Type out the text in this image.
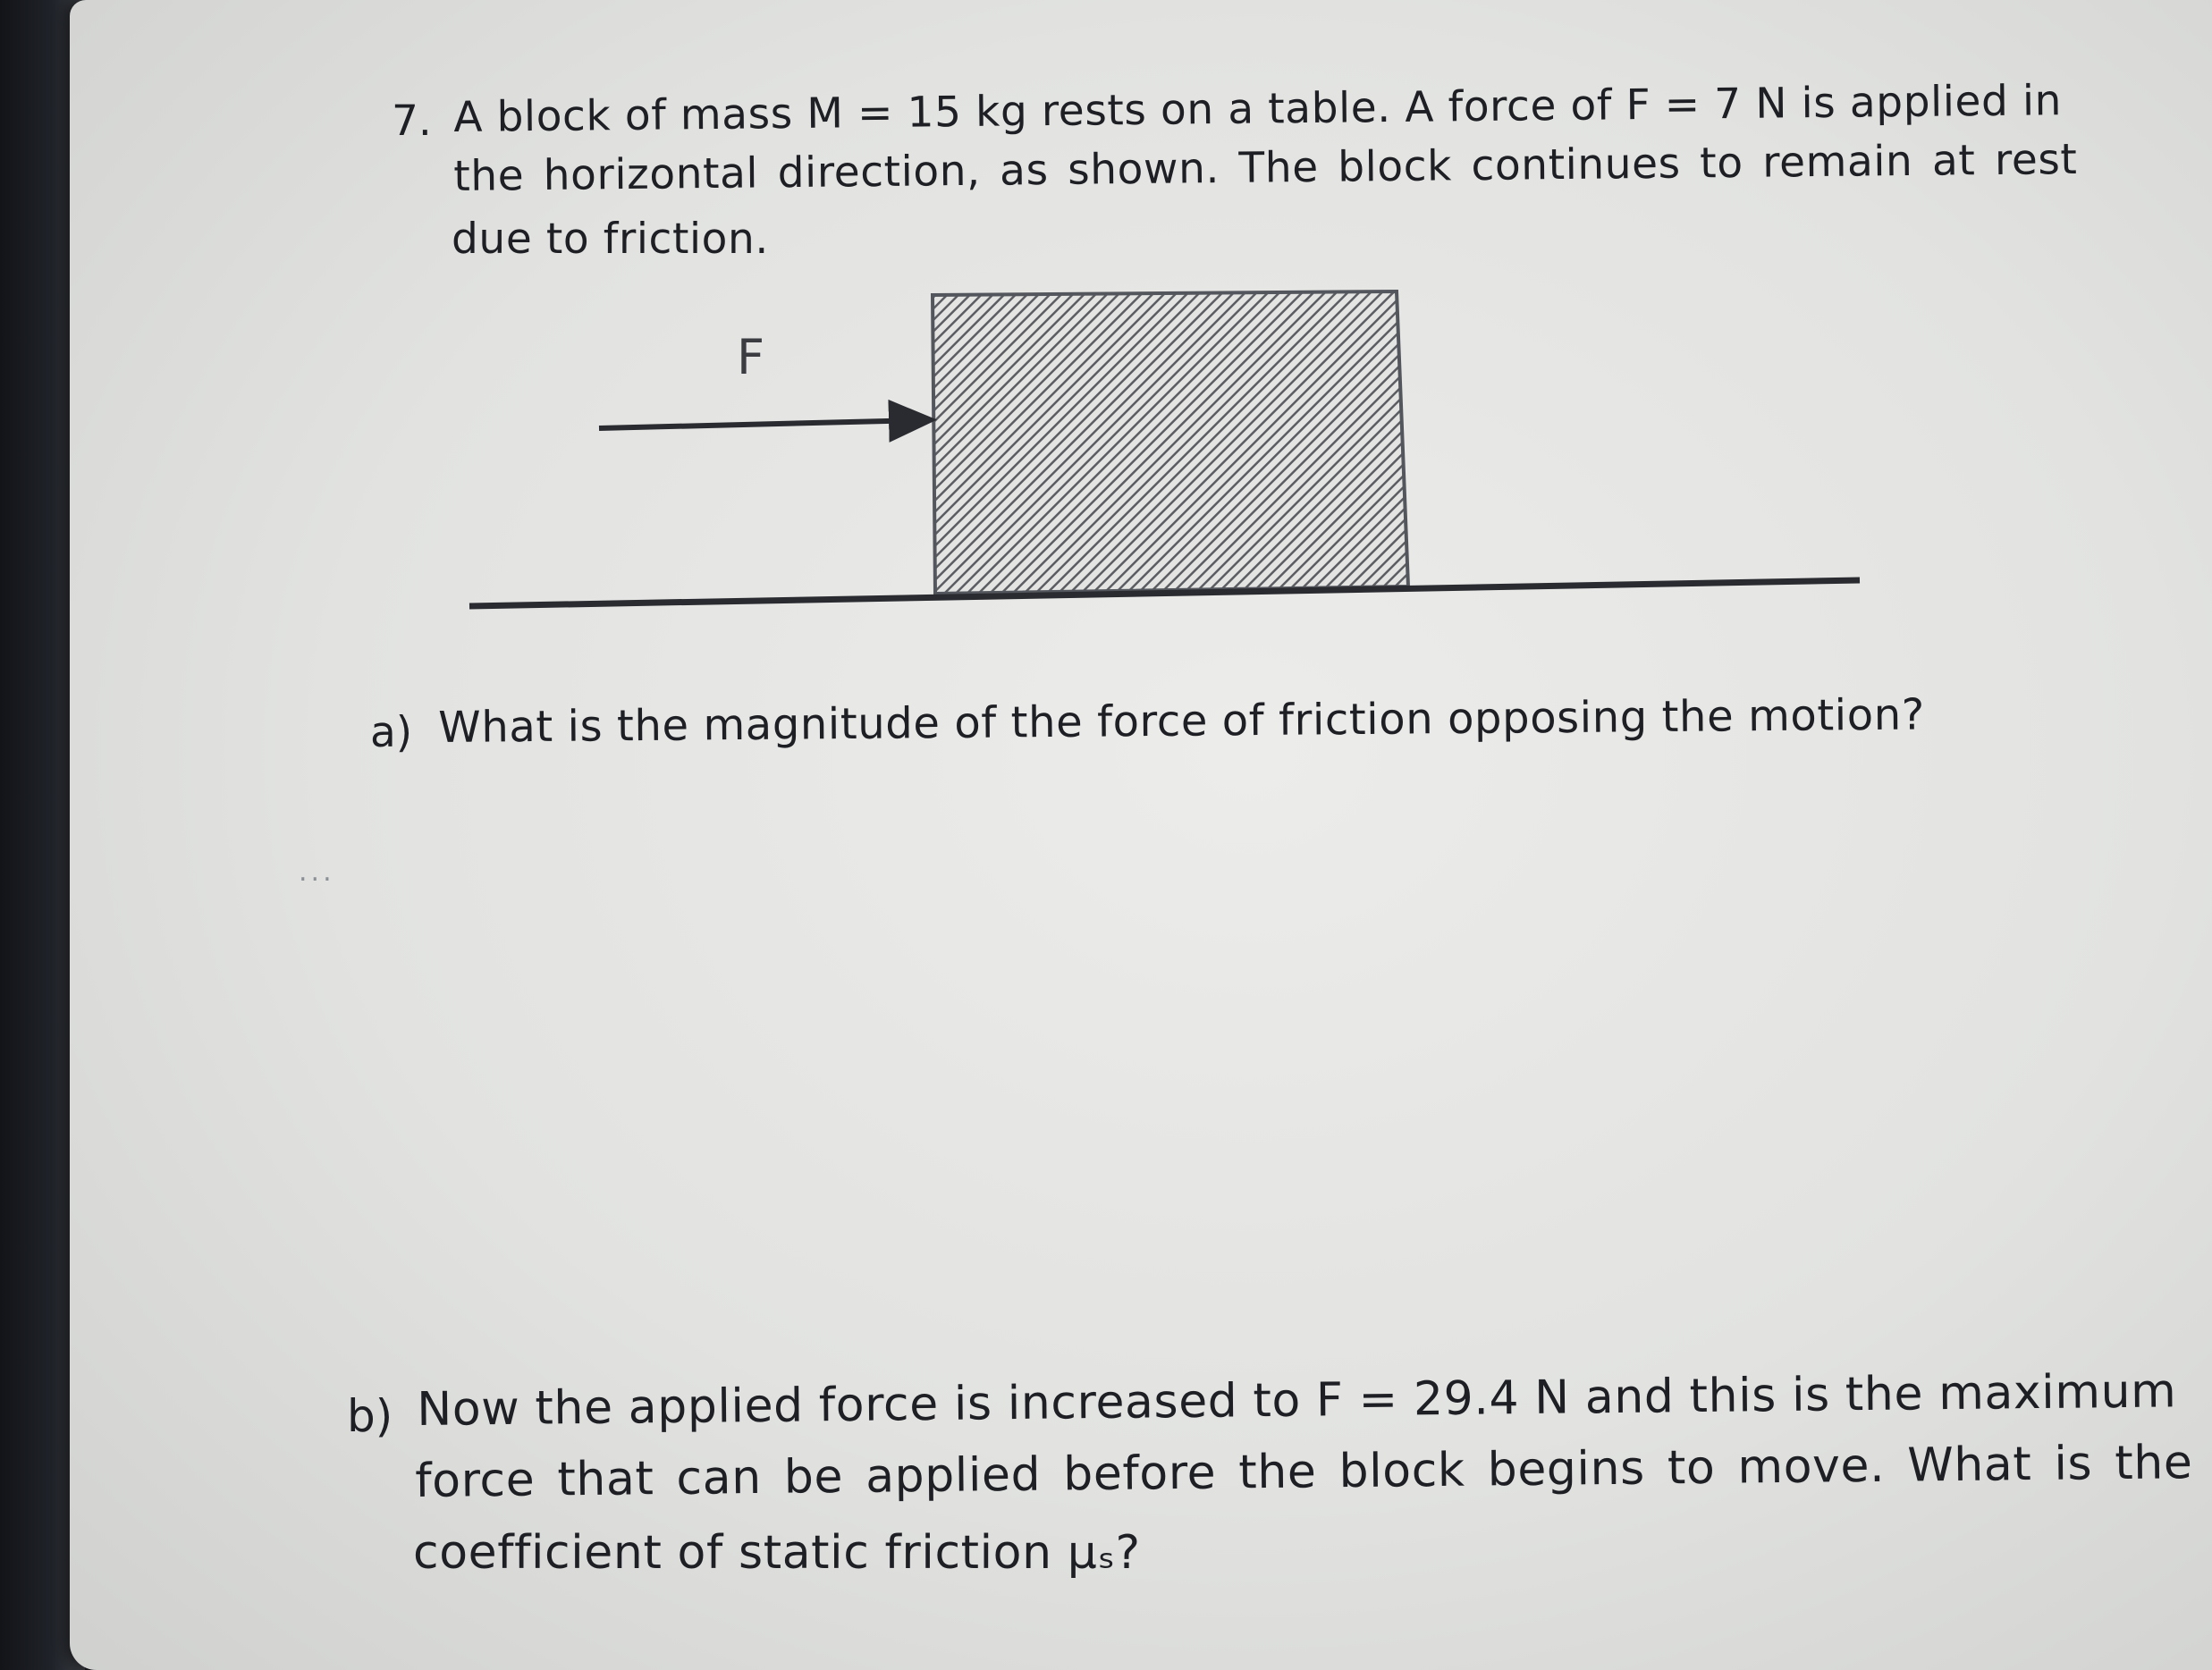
7. A block of mass M = 15 kg rests on a table. A force of F = 7 N is applied in

the horizontal direction, as shown. The block continues to remain at rest

due to friction.

F

a) What is the magnitude of the force of friction opposing the motion?

...

b) Now the applied force is increased to F = 29.4 N and this is the maximum

force that can be applied before the block begins to move. What is the

coefficient of static friction μₛ?
